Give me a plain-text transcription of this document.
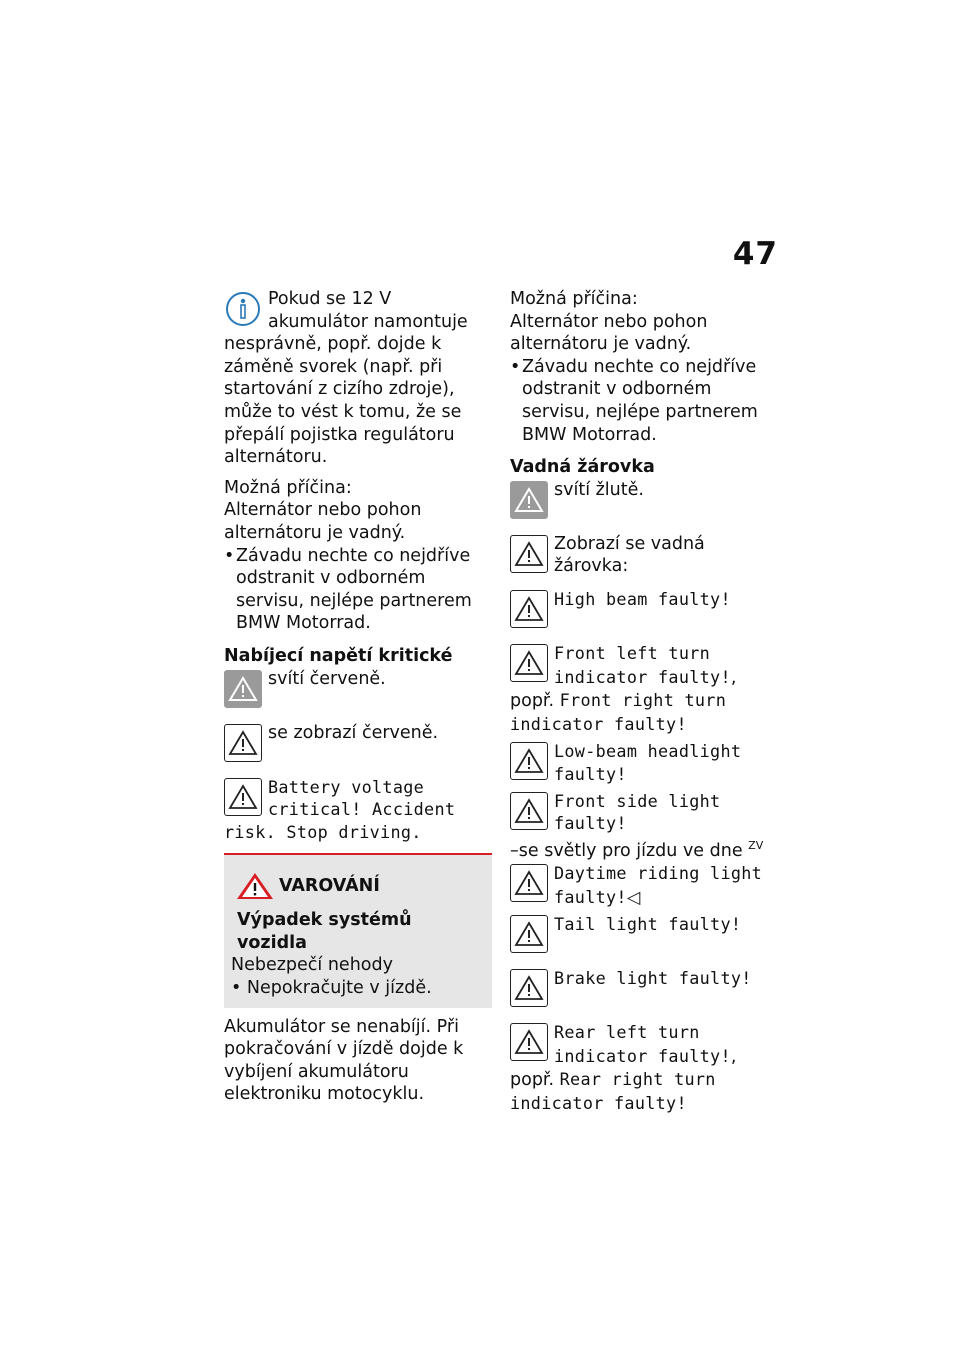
47

Pokud se 12 V akumulátor namontuje nesprávně, popř. dojde k záměně svorek (např. při startování z cizího zdroje), může to vést k tomu, že se přepálí pojistka regulátoru alternátoru.

Možná příčina:

Alternátor nebo pohon alternátoru je vadný.

• Závadu nechte co nejdříve odstranit v odborném servisu, nejlépe partnerem BMW Motorrad.

Nabíjecí napětí kritické

svítí červeně.

se zobrazí červeně.

Battery voltage critical! Accident risk. Stop driving.

VAROVÁNÍ

Výpadek systémů vozidla

Nebezpečí nehody

• Nepokračujte v jízdě.

Akumulátor se nenabíjí. Při pokračování v jízdě dojde k vybíjení akumulátoru elektroniku motocyklu.

Možná příčina:

Alternátor nebo pohon alternátoru je vadný.

• Závadu nechte co nejdříve odstranit v odborném servisu, nejlépe partnerem BMW Motorrad.

Vadná žárovka

svítí žlutě.

Zobrazí se vadná žárovka:

High beam faulty!

Front left turn indicator faulty!, popř. Front right turn indicator faulty!

Low-beam headlight faulty!

Front side light faulty!

–se světly pro jízdu ve dne $^{ZV}$

Daytime riding light faulty!◁

Tail light faulty!

Brake light faulty!

Rear left turn indicator faulty!, popř. Rear right turn indicator faulty!
